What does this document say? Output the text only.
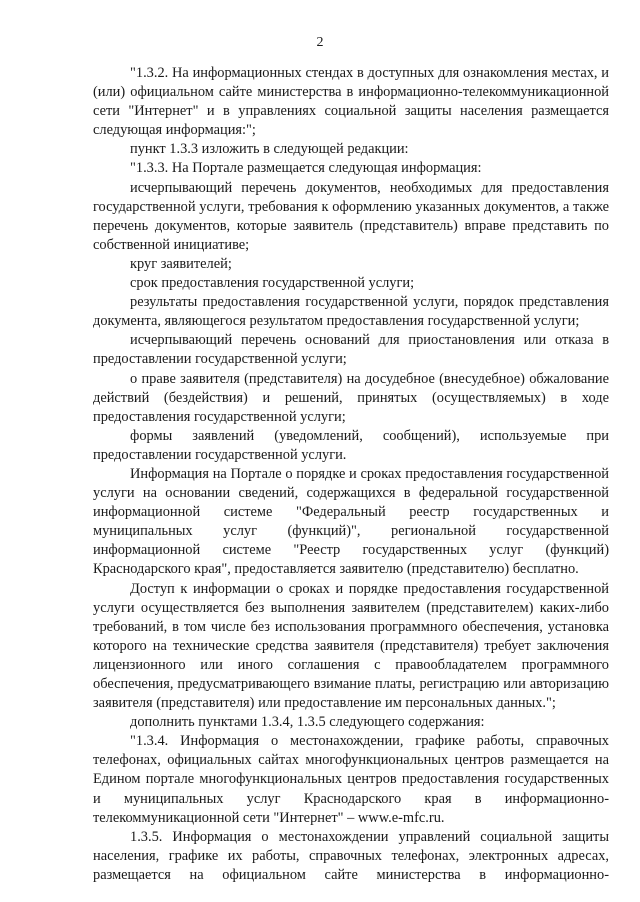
2

"1.3.2. На информационных стендах в доступных для ознакомления местах, и (или) официальном сайте министерства в информационно-телекоммуникационной сети "Интернет" и в управлениях социальной защиты населения размещается следующая информация:";

пункт 1.3.3 изложить в следующей редакции:

"1.3.3. На Портале размещается следующая информация:

исчерпывающий перечень документов, необходимых для предоставления государственной услуги, требования к оформлению указанных документов, а также перечень документов, которые заявитель (представитель) вправе представить по собственной инициативе;

круг заявителей;

срок предоставления государственной услуги;

результаты предоставления государственной услуги, порядок представления документа, являющегося результатом предоставления государственной услуги;

исчерпывающий перечень оснований для приостановления или отказа в предоставлении государственной услуги;

о праве заявителя (представителя) на досудебное (внесудебное) обжалование действий (бездействия) и решений, принятых (осуществляемых) в ходе предоставления государственной услуги;

формы заявлений (уведомлений, сообщений), используемые при предоставлении государственной услуги.

Информация на Портале о порядке и сроках предоставления государственной услуги на основании сведений, содержащихся в федеральной государственной информационной системе "Федеральный реестр государственных и муниципальных услуг (функций)", региональной государственной информационной системе "Реестр государственных услуг (функций) Краснодарского края", предоставляется заявителю (представителю) бесплатно.

Доступ к информации о сроках и порядке предоставления государственной услуги осуществляется без выполнения заявителем (представителем) каких-либо требований, в том числе без использования программного обеспечения, установка которого на технические средства заявителя (представителя) требует заключения лицензионного или иного соглашения с правообладателем программного обеспечения, предусматривающего взимание платы, регистрацию или авторизацию заявителя (представителя) или предоставление им персональных данных.";

дополнить пунктами 1.3.4, 1.3.5 следующего содержания:

"1.3.4. Информация о местонахождении, графике работы, справочных телефонах, официальных сайтах многофункциональных центров размещается на Едином портале многофункциональных центров предоставления государственных и муниципальных услуг Краснодарского края в информационно-телекоммуникационной сети "Интернет" – www.e-mfc.ru.

1.3.5. Информация о местонахождении управлений социальной защиты населения, графике их работы, справочных телефонах, электронных адресах, размещается на официальном сайте министерства в информационно-
